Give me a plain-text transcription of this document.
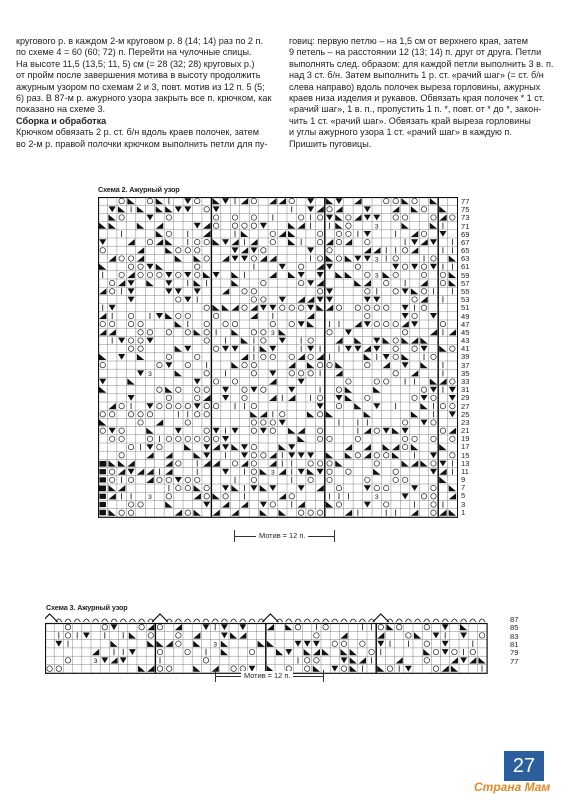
кругового р. в каждом 2-м круговом р. 8 (14; 14) раз по 2 п.

по схеме 4 = 60 (60; 72) п. Перейти на чулочные спицы.

На высоте 11,5 (13,5; 11, 5) см (= 28 (32; 28) круговых р.)

от пройм после завершения мотива в высоту продолжить

ажурным узором по схемам 2 и 3, повт. мотив из 12 п. 5 (5;

6) раз. В 87-м р. ажурного узора закрыть все п. крючком, как

показано на схеме 3.

Сборка и обработка

Крючком обвязать 2 р. ст. б/н вдоль краев полочек, затем

во 2-м р. правой полочки крючком выполнить петли для пу-

говиц: первую петлю – на 1,5 см от верхнего края, затем

9 петель – на расстоянии 12 (13; 14) п. друг от друга. Петли

выполнять след. образом: для каждой петли выполнить 3 в. п.

над 3 ст. б/н. Затем выполнить 1 р. ст. «рачий шаг» (= ст. б/н

слева направо) вдоль полочек выреза горловины, ажурных

краев низа изделия и рукавов. Обвязать края полочек * 1 ст.

«рачий шаг», 1 в. п., пропустить 1 п. *, повт. от * до *, закон-

чить 1 ст. «рачий шаг». Обвязать край выреза горловины

и углы ажурного узора 1 ст. «рачий шаг» в каждую п.

Пришить пуговицы.

Схема 2. Ажурный узор
3
3
3
3
3
3
3	3
77
75
73
71
69
67
65
63
61
59
57
55
53
51
49
47
45
43
41
39
37
35
33
31
29
27
25
23
21
19
17
15
13
11
9
7
5
3
1
Мотив = 12 п.
Схема 3. Ажурный узор
3
3
87
85
83
81
79
77
Мотив = 12 п.
27
Страна Мам
